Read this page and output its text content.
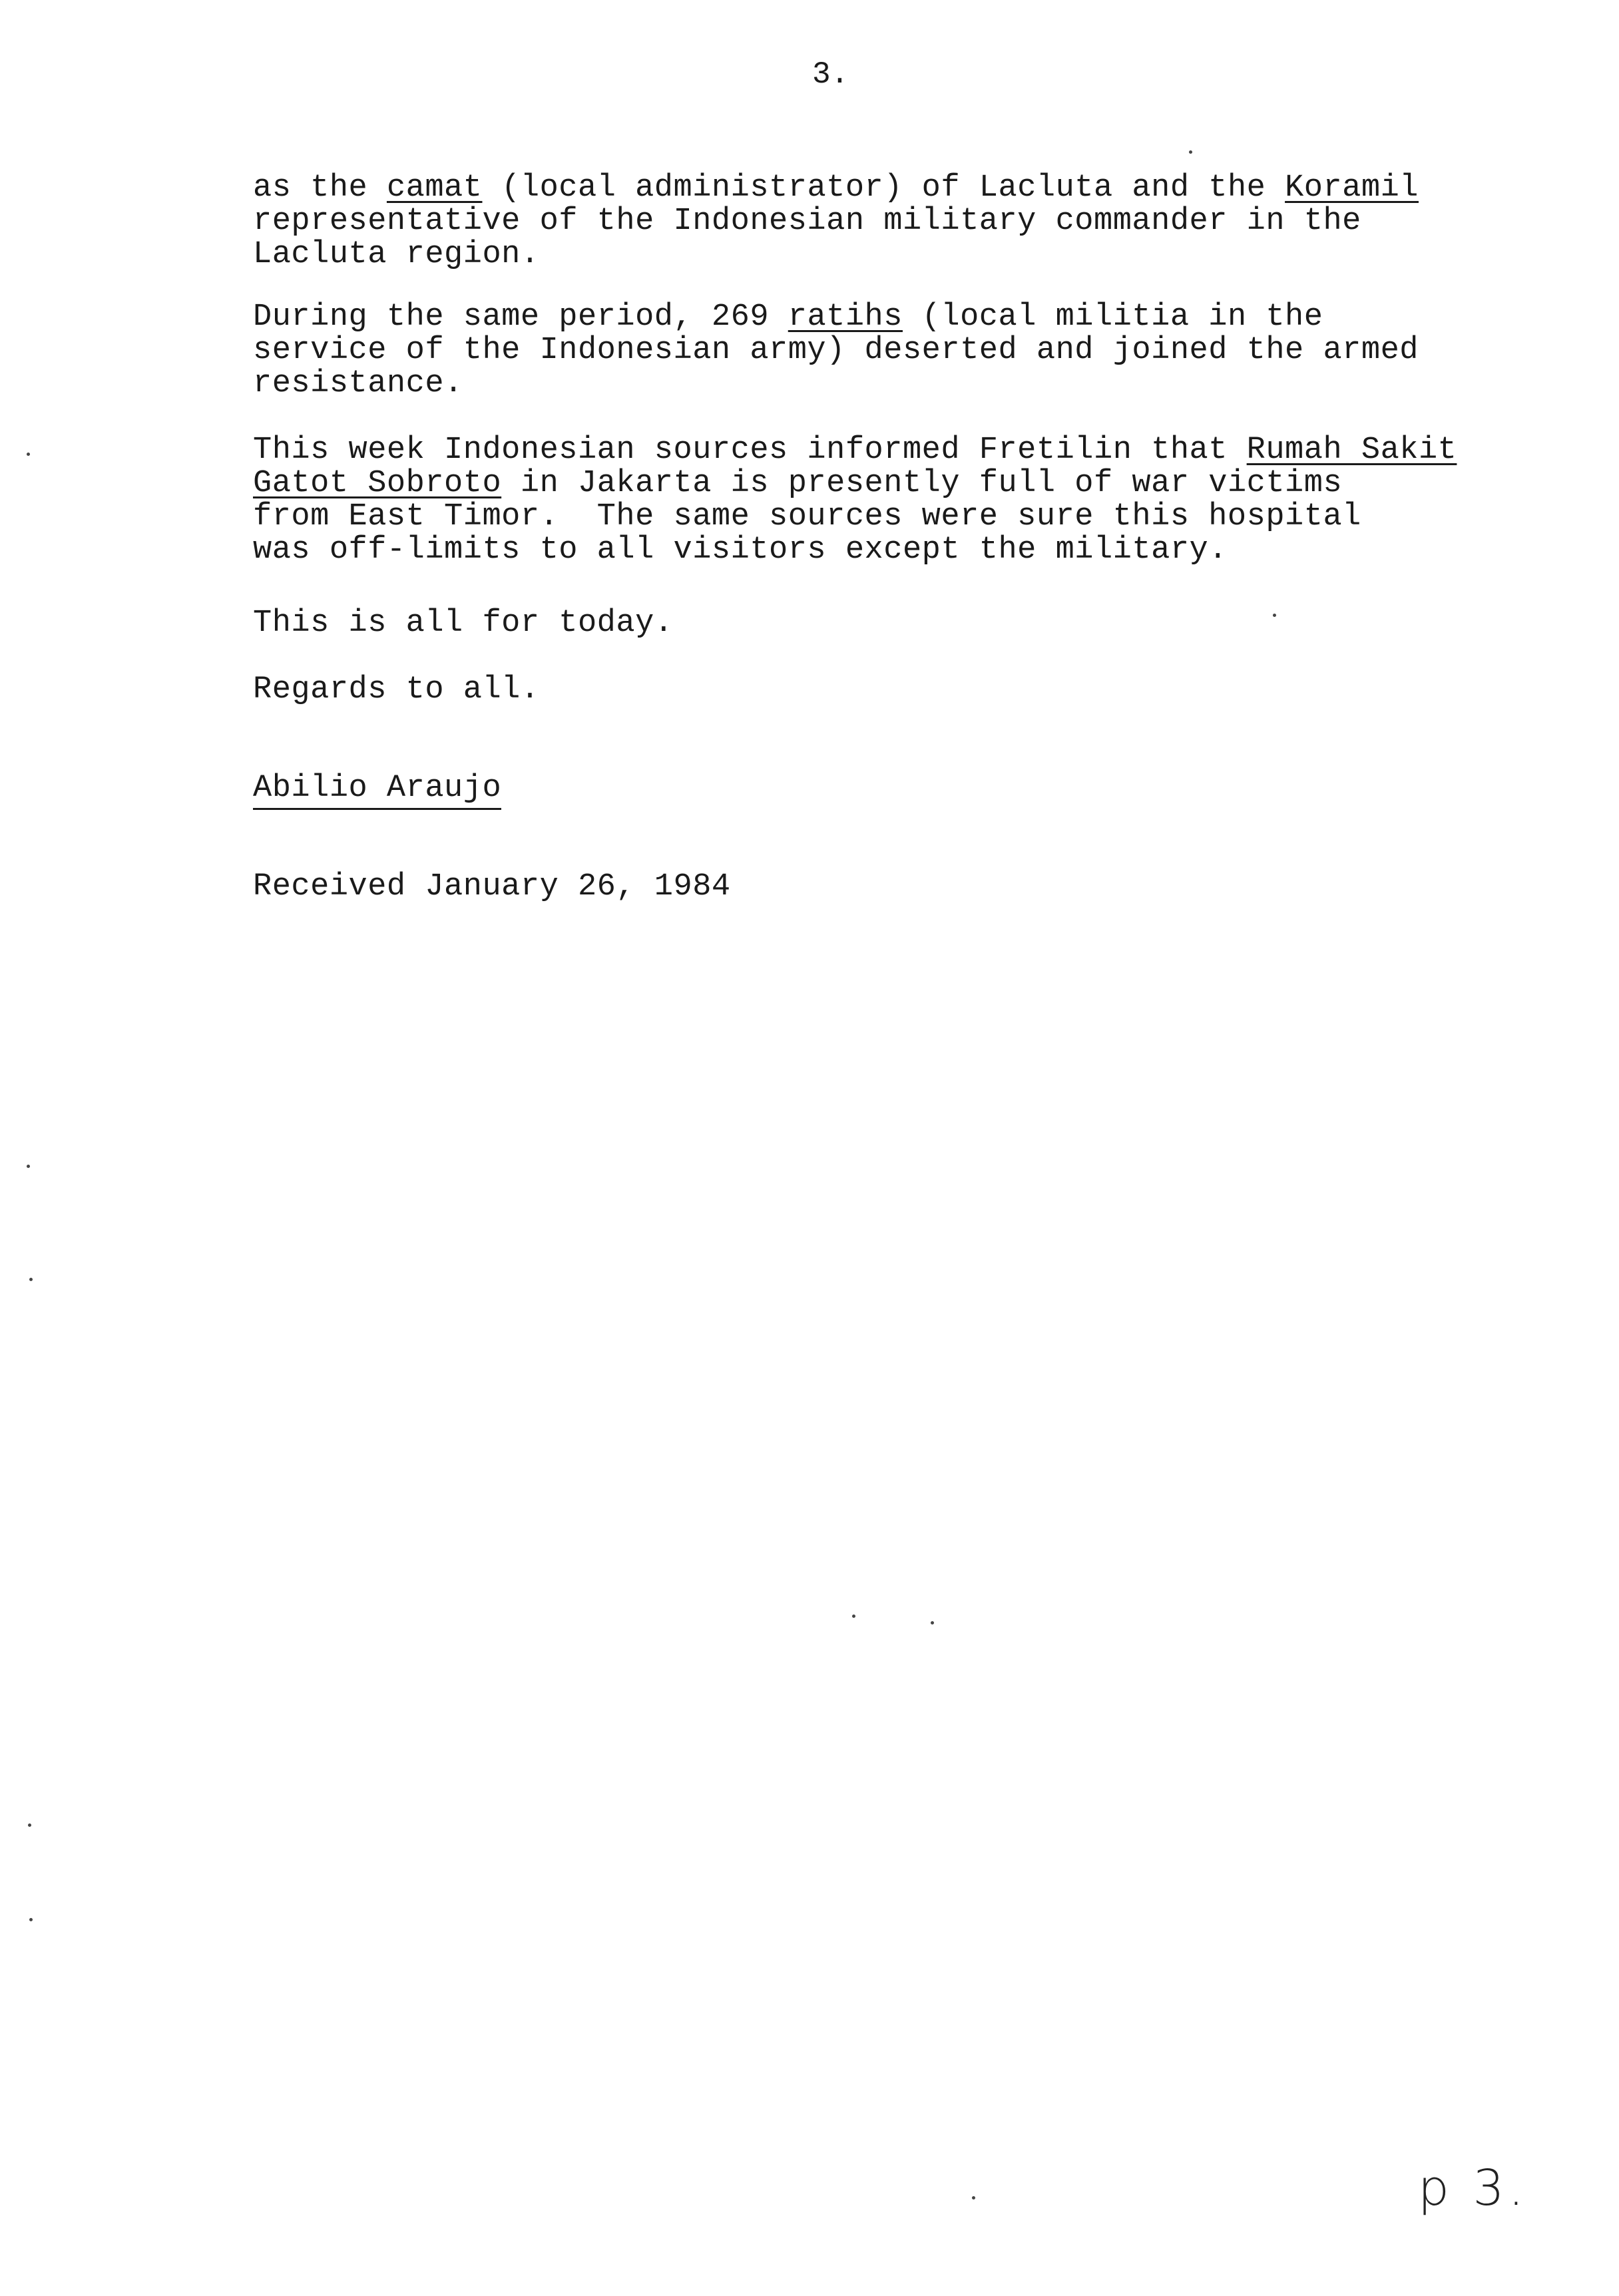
3.

as the camat (local administrator) of Lacluta and the Koramil
representative of the Indonesian military commander in the
Lacluta region.

During the same period, 269 ratihs (local militia in the
service of the Indonesian army) deserted and joined the armed
resistance.

This week Indonesian sources informed Fretilin that Rumah Sakit
Gatot Sobroto in Jakarta is presently full of war victims
from East Timor.  The same sources were sure this hospital
was off-limits to all visitors except the military.

This is all for today.

Regards to all.

Abilio Araujo

Received January 26, 1984

p 3.
